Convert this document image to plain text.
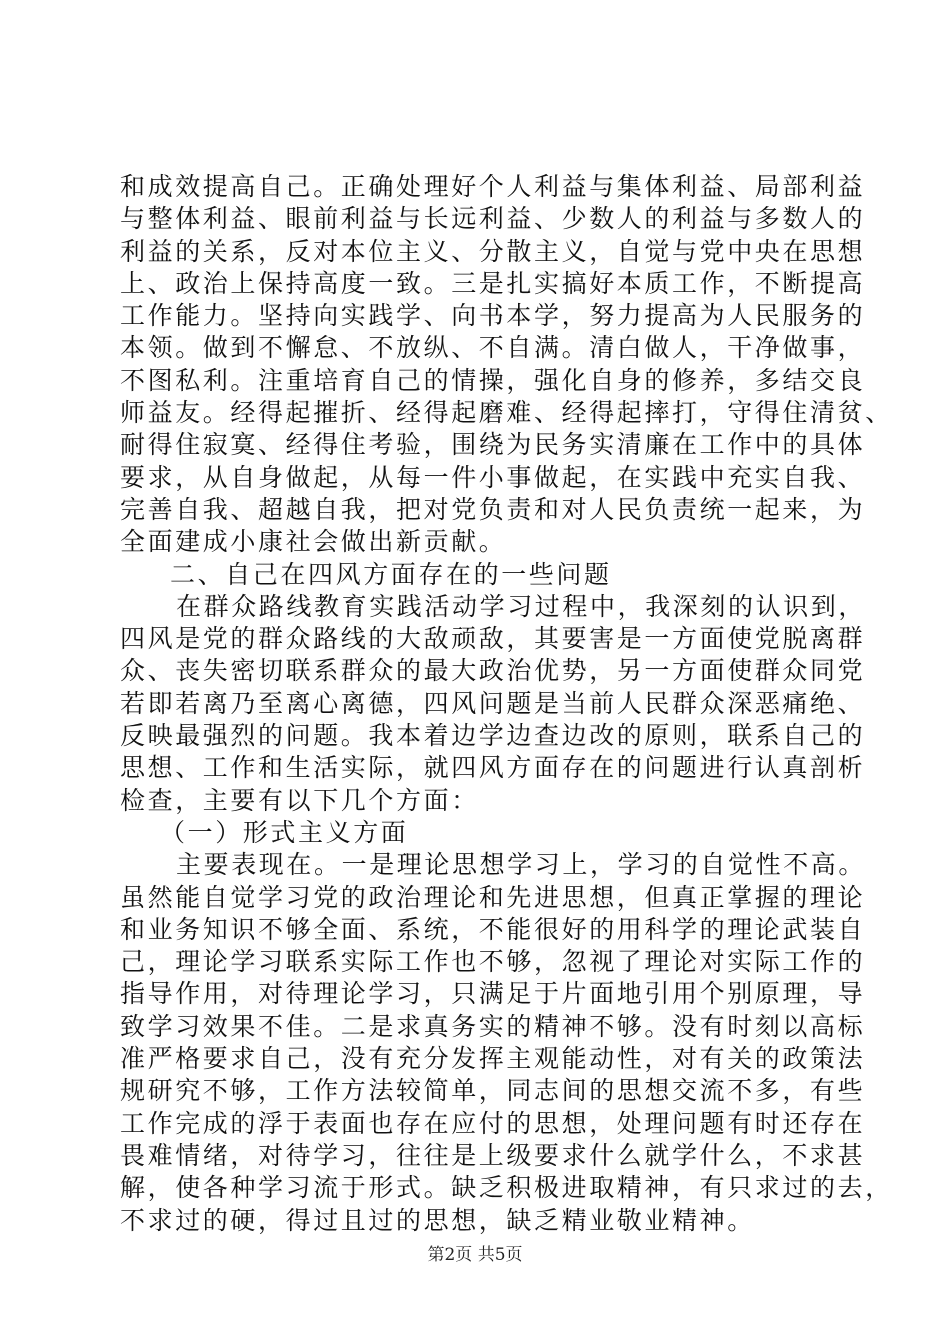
和成效提高自己。正确处理好个人利益与集体利益、局部利益
与整体利益、眼前利益与长远利益、少数人的利益与多数人的
利益的关系，反对本位主义、分散主义，自觉与党中央在思想
上、政治上保持高度一致。三是扎实搞好本质工作，不断提高
工作能力。坚持向实践学、向书本学，努力提高为人民服务的
本领。做到不懈怠、不放纵、不自满。清白做人，干净做事，
不图私利。注重培育自己的情操，强化自身的修养，多结交良
师益友。经得起摧折、经得起磨难、经得起摔打，守得住清贫、
耐得住寂寞、经得住考验，围绕为民务实清廉在工作中的具体
要求，从自身做起，从每一件小事做起，在实践中充实自我、
完善自我、超越自我，把对党负责和对人民负责统一起来，为
全面建成小康社会做出新贡献。
二、自己在四风方面存在的一些问题
在群众路线教育实践活动学习过程中，我深刻的认识到，
四风是党的群众路线的大敌顽敌，其要害是一方面使党脱离群
众、丧失密切联系群众的最大政治优势，另一方面使群众同党
若即若离乃至离心离德，四风问题是当前人民群众深恶痛绝、
反映最强烈的问题。我本着边学边查边改的原则，联系自己的
思想、工作和生活实际，就四风方面存在的问题进行认真剖析
检查，主要有以下几个方面：
（一）形式主义方面
主要表现在。一是理论思想学习上，学习的自觉性不高。
虽然能自觉学习党的政治理论和先进思想，但真正掌握的理论
和业务知识不够全面、系统，不能很好的用科学的理论武装自
己，理论学习联系实际工作也不够，忽视了理论对实际工作的
指导作用，对待理论学习，只满足于片面地引用个别原理，导
致学习效果不佳。二是求真务实的精神不够。没有时刻以高标
准严格要求自己，没有充分发挥主观能动性，对有关的政策法
规研究不够，工作方法较简单，同志间的思想交流不多，有些
工作完成的浮于表面也存在应付的思想，处理问题有时还存在
畏难情绪，对待学习，往往是上级要求什么就学什么，不求甚
解，使各种学习流于形式。缺乏积极进取精神，有只求过的去，
不求过的硬，得过且过的思想，缺乏精业敬业精神。
第2页 共5页
